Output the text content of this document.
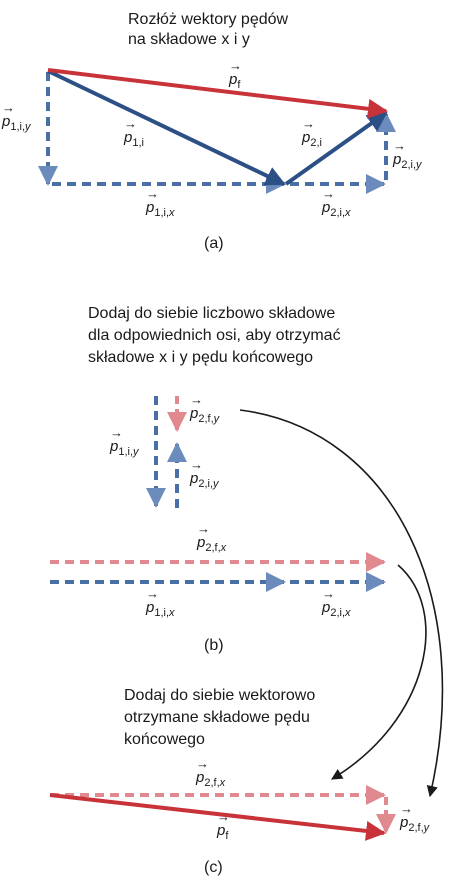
Rozłóż wektory pędów
na składowe x i y
→
$p_f$
→
$p_{1,i,}y$	→
$p_{1,i}$
→
$p_{2,i}$	→
$p_{2,i,}y$
→
$p_{1,i,}x$
→
$p_{2,i,}x$
(a)
Dodaj do siebie liczbowo składowe
dla odpowiednich osi, aby otrzymać
składowe x i y pędu końcowego
→
$p_{2,f,}y$
→
$p_{1,i,}y$
→
$p_{2,i,}y$
→
$p_{2,f,}x$
→
$p_{1,i,}x$
→
$p_{2,i,}x$
(b)
Dodaj do siebie wektorowo
otrzymane składowe pędu
końcowego
→
$p_{2,f,}x$
→
$p_{2,f,}y$
→
$p_f$
(c)
